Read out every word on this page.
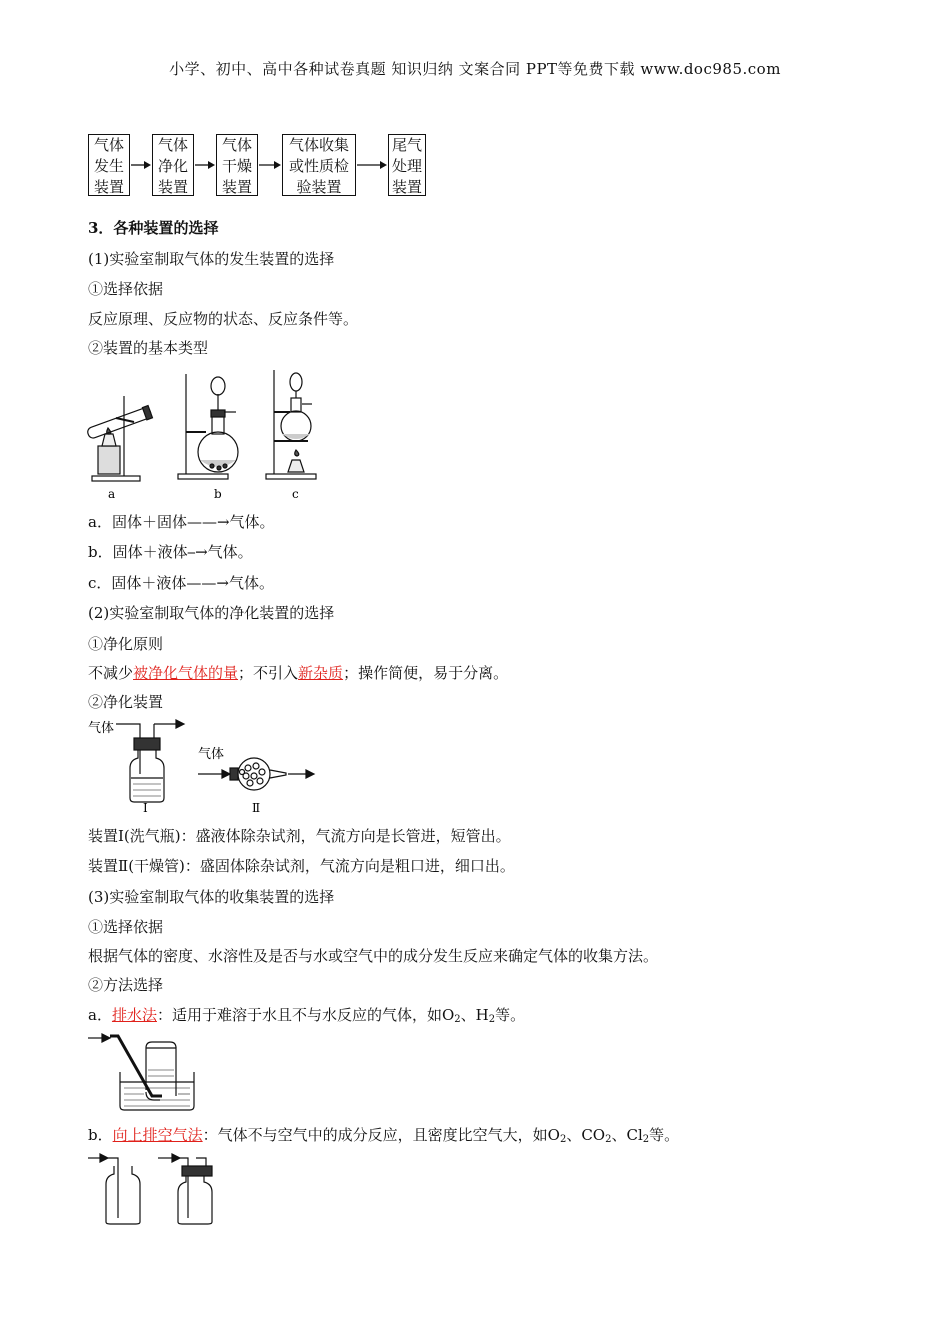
小学、初中、高中各种试卷真题 知识归纳 文案合同 PPT等免费下载 www.doc985.com
气体
发生
装置
气体
净化
装置
气体
干燥
装置
气体收集
或性质检
验装置
尾气
处理
装置
3．各种装置的选择
(1)实验室制取气体的发生装置的选择
①选择依据
反应原理、反应物的状态、反应条件等。
②装置的基本类型
a	b	c
a．固体＋固体——→气体。
b．固体＋液体⎯→气体。
c．固体＋液体——→气体。
(2)实验室制取气体的净化装置的选择
①净化原则
不减少被净化气体的量；不引入新杂质；操作简便，易于分离。
②净化装置
气体
Ⅰ
气体
Ⅱ
装置Ⅰ(洗气瓶)：盛液体除杂试剂，气流方向是长管进，短管出。
装置Ⅱ(干燥管)：盛固体除杂试剂，气流方向是粗口进，细口出。
(3)实验室制取气体的收集装置的选择
①选择依据
根据气体的密度、水溶性及是否与水或空气中的成分发生反应来确定气体的收集方法。
②方法选择
a．排水法：适用于难溶于水且不与水反应的气体，如$O_2$、$H_2$等。
b．向上排空气法：气体不与空气中的成分反应，且密度比空气大，如$O_2$、$CO_2$、$Cl_2$等。
